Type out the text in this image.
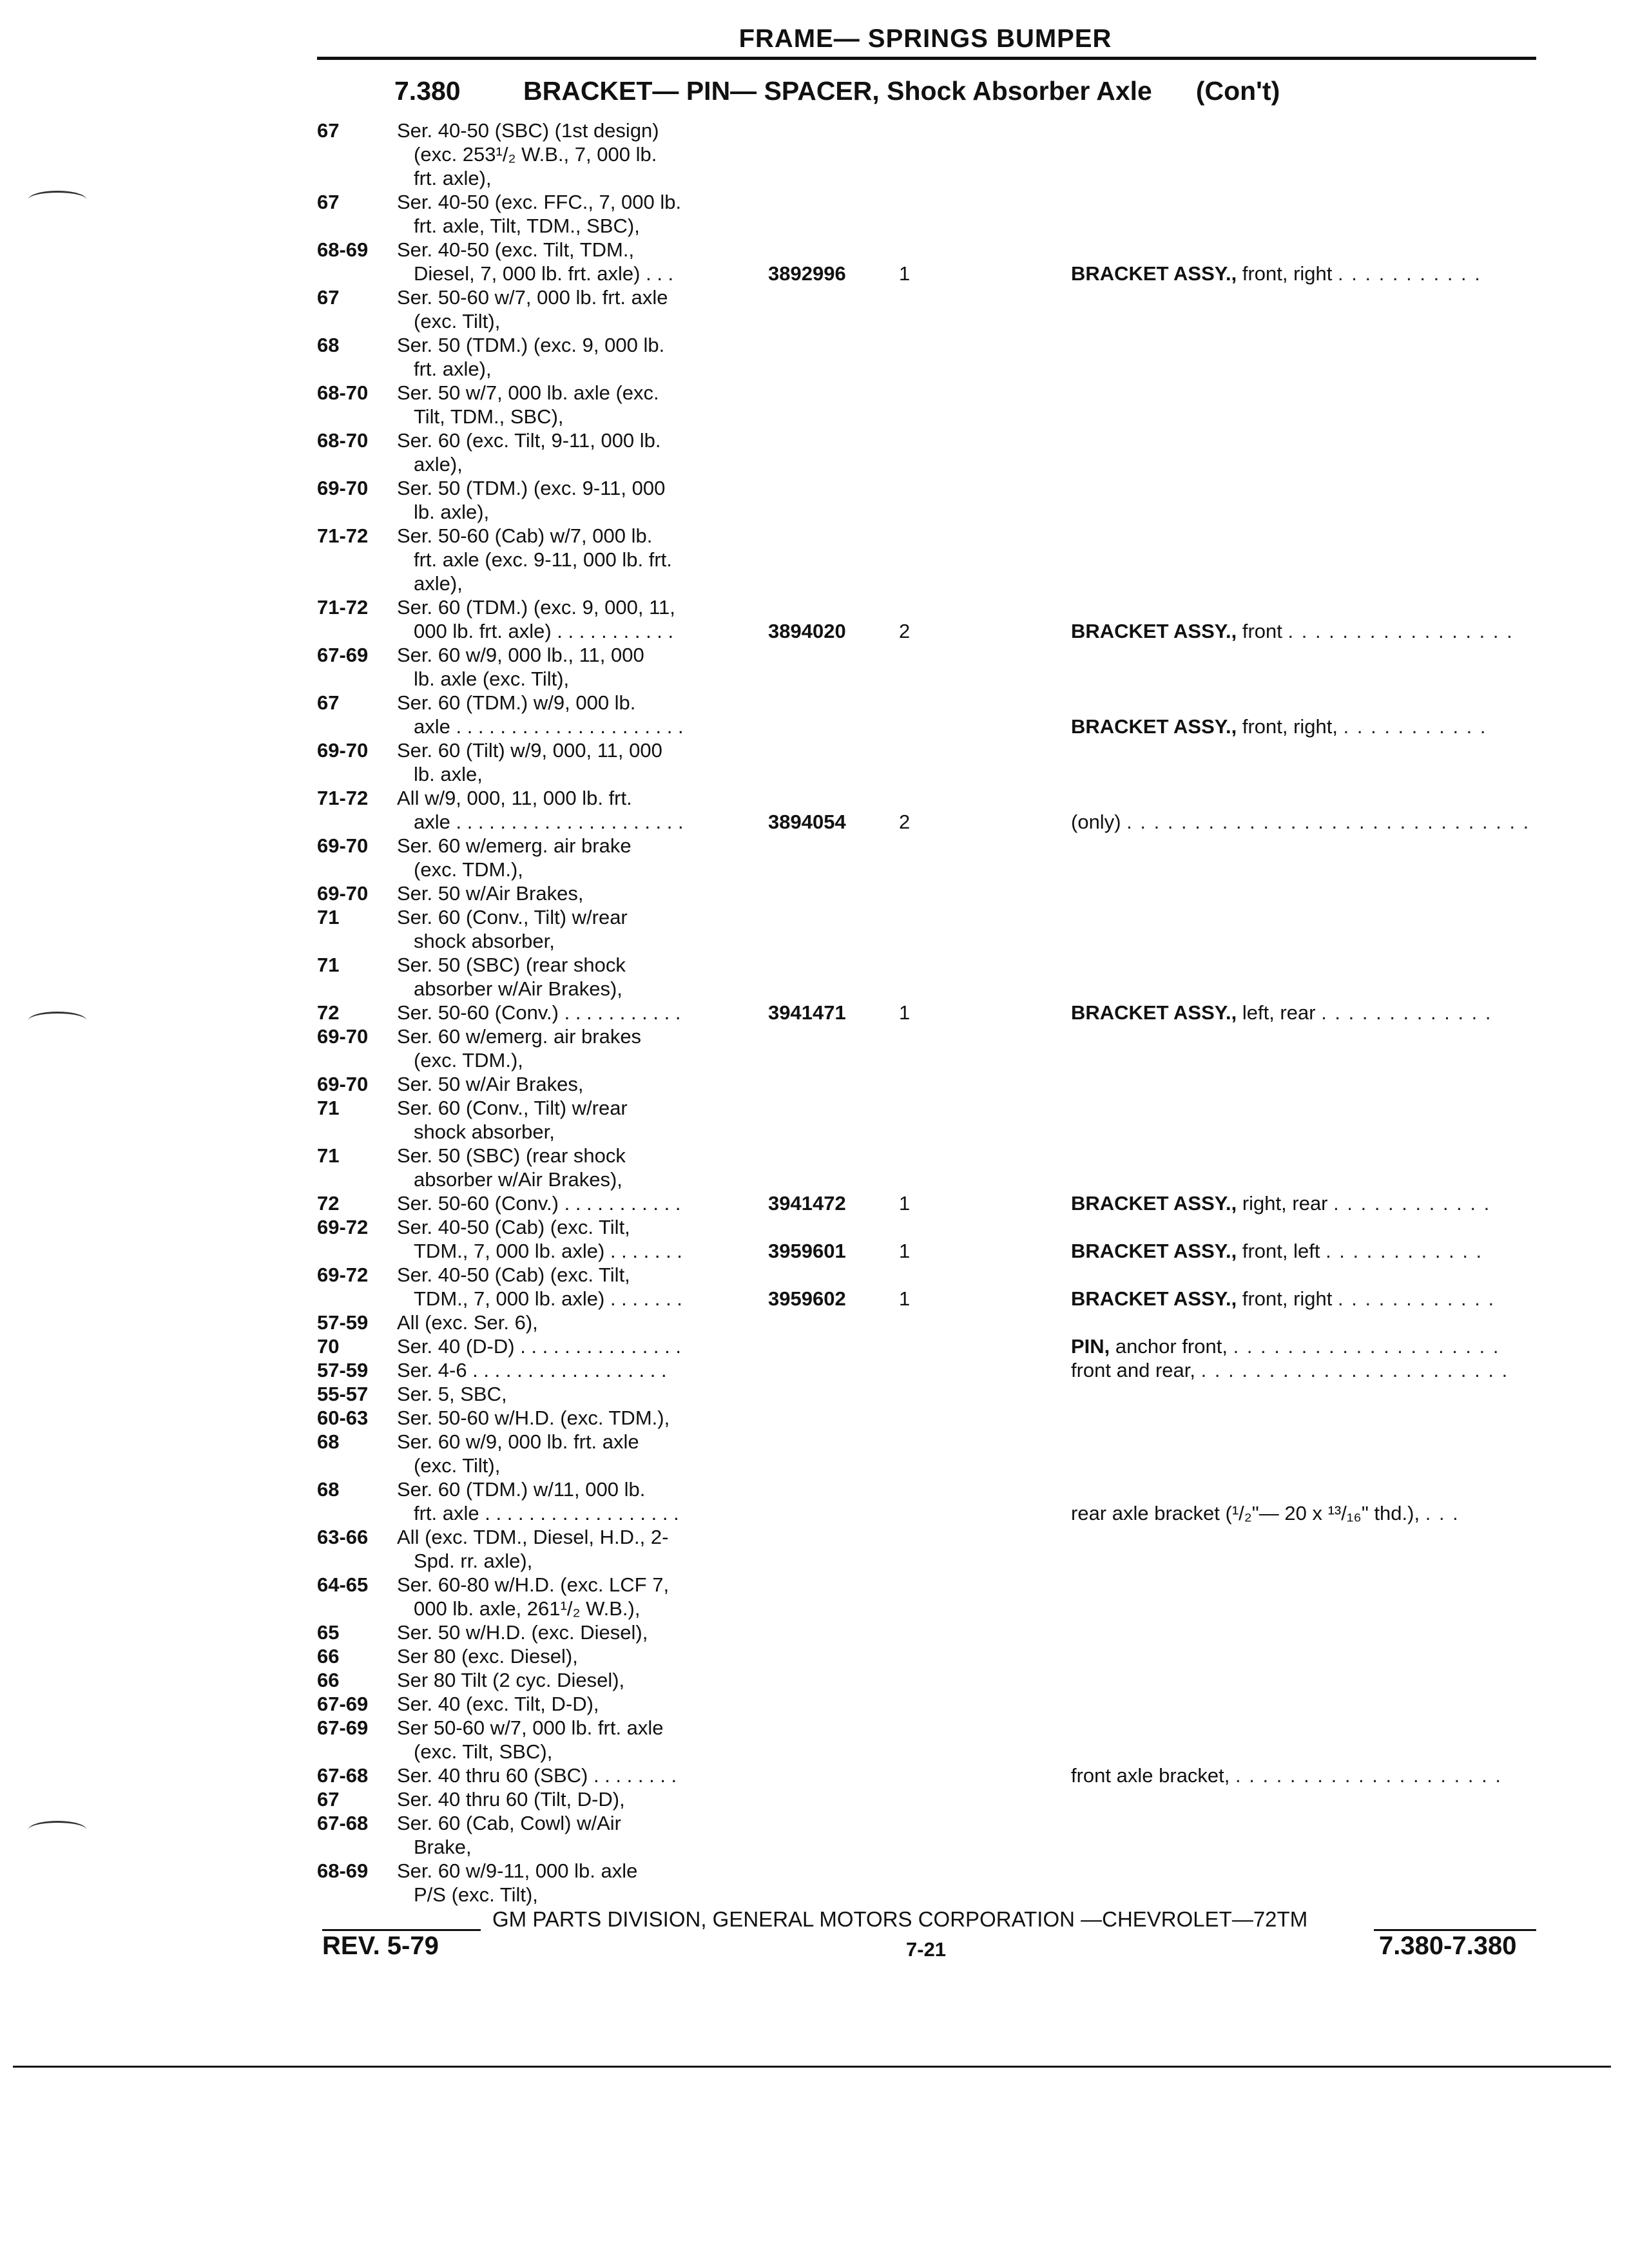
FRAME— SPRINGS BUMPER
7.380 BRACKET— PIN— SPACER, Shock Absorber Axle (Con't)
67	Ser. 40-50 (SBC) (1st design)
(exc. 253¹/₂ W.B., 7, 000 lb.
frt. axle),
67	Ser. 40-50 (exc. FFC., 7, 000 lb.
frt. axle, Tilt, TDM., SBC),
68-69 Ser. 40-50 (exc. Tilt, TDM.,
Diesel, 7, 000 lb. frt. axle) . . .	3892996	1	BRACKET ASSY., front, right . . . . . . . . . . .
67	Ser. 50-60 w/7, 000 lb. frt. axle
(exc. Tilt),
68	Ser. 50 (TDM.) (exc. 9, 000 lb.
frt. axle),
68-70 Ser. 50 w/7, 000 lb. axle (exc.
Tilt, TDM., SBC),
68-70 Ser. 60 (exc. Tilt, 9-11, 000 lb.
axle),
69-70 Ser. 50 (TDM.) (exc. 9-11, 000
lb. axle),
71-72 Ser. 50-60 (Cab) w/7, 000 lb.
frt. axle (exc. 9-11, 000 lb. frt.
axle),
71-72 Ser. 60 (TDM.) (exc. 9, 000, 11,
000 lb. frt. axle) . . . . . . . . . . .	3894020	2	BRACKET ASSY., front . . . . . . . . . . . . . . . . .
67-69 Ser. 60 w/9, 000 lb., 11, 000
lb. axle (exc. Tilt),
67	Ser. 60 (TDM.) w/9, 000 lb.
axle . . . . . . . . . . . . . . . . . . . . .	BRACKET ASSY., front, right, . . . . . . . . . . .
69-70 Ser. 60 (Tilt) w/9, 000, 11, 000
lb. axle,
71-72 All w/9, 000, 11, 000 lb. frt.
axle . . . . . . . . . . . . . . . . . . . . .	3894054	2	(only) . . . . . . . . . . . . . . . . . . . . . . . . . . . . . .
69-70 Ser. 60 w/emerg. air brake
(exc. TDM.),
69-70 Ser. 50 w/Air Brakes,
71	Ser. 60 (Conv., Tilt) w/rear
shock absorber,
71	Ser. 50 (SBC) (rear shock
absorber w/Air Brakes),
72	Ser. 50-60 (Conv.) . . . . . . . . . . .	3941471	1	BRACKET ASSY., left, rear . . . . . . . . . . . . .
69-70 Ser. 60 w/emerg. air brakes
(exc. TDM.),
69-70 Ser. 50 w/Air Brakes,
71	Ser. 60 (Conv., Tilt) w/rear
shock absorber,
71	Ser. 50 (SBC) (rear shock
absorber w/Air Brakes),
72	Ser. 50-60 (Conv.) . . . . . . . . . . .	3941472	1	BRACKET ASSY., right, rear . . . . . . . . . . . .
69-72 Ser. 40-50 (Cab) (exc. Tilt,
TDM., 7, 000 lb. axle) . . . . . . .	3959601	1	BRACKET ASSY., front, left . . . . . . . . . . . .
69-72 Ser. 40-50 (Cab) (exc. Tilt,
TDM., 7, 000 lb. axle) . . . . . . .	3959602	1	BRACKET ASSY., front, right . . . . . . . . . . . .
57-59 All (exc. Ser. 6),
70	Ser. 40 (D-D) . . . . . . . . . . . . . . .	PIN, anchor front, . . . . . . . . . . . . . . . . . . . .
57-59 Ser. 4-6 . . . . . . . . . . . . . . . . . .	front and rear, . . . . . . . . . . . . . . . . . . . . . . .
55-57 Ser. 5, SBC,
60-63 Ser. 50-60 w/H.D. (exc. TDM.),
68	Ser. 60 w/9, 000 lb. frt. axle
(exc. Tilt),
68	Ser. 60 (TDM.) w/11, 000 lb.
frt. axle . . . . . . . . . . . . . . . . . .	rear axle bracket (¹/₂"— 20 x ¹³/₁₆" thd.), . . .
63-66 All (exc. TDM., Diesel, H.D., 2-
Spd. rr. axle),
64-65 Ser. 60-80 w/H.D. (exc. LCF 7,
000 lb. axle, 261¹/₂ W.B.),
65	Ser. 50 w/H.D. (exc. Diesel),
66	Ser 80 (exc. Diesel),
66	Ser 80 Tilt (2 cyc. Diesel),
67-69 Ser. 40 (exc. Tilt, D-D),
67-69 Ser 50-60 w/7, 000 lb. frt. axle
(exc. Tilt, SBC),
67-68 Ser. 40 thru 60 (SBC) . . . . . . . .	front axle bracket, . . . . . . . . . . . . . . . . . . . .
67	Ser. 40 thru 60 (Tilt, D-D),
67-68 Ser. 60 (Cab, Cowl) w/Air
Brake,
68-69 Ser. 60 w/9-11, 000 lb. axle
P/S (exc. Tilt),
GM PARTS DIVISION, GENERAL MOTORS CORPORATION —CHEVROLET—72TM
REV. 5-79	7-21	7.380-7.380
